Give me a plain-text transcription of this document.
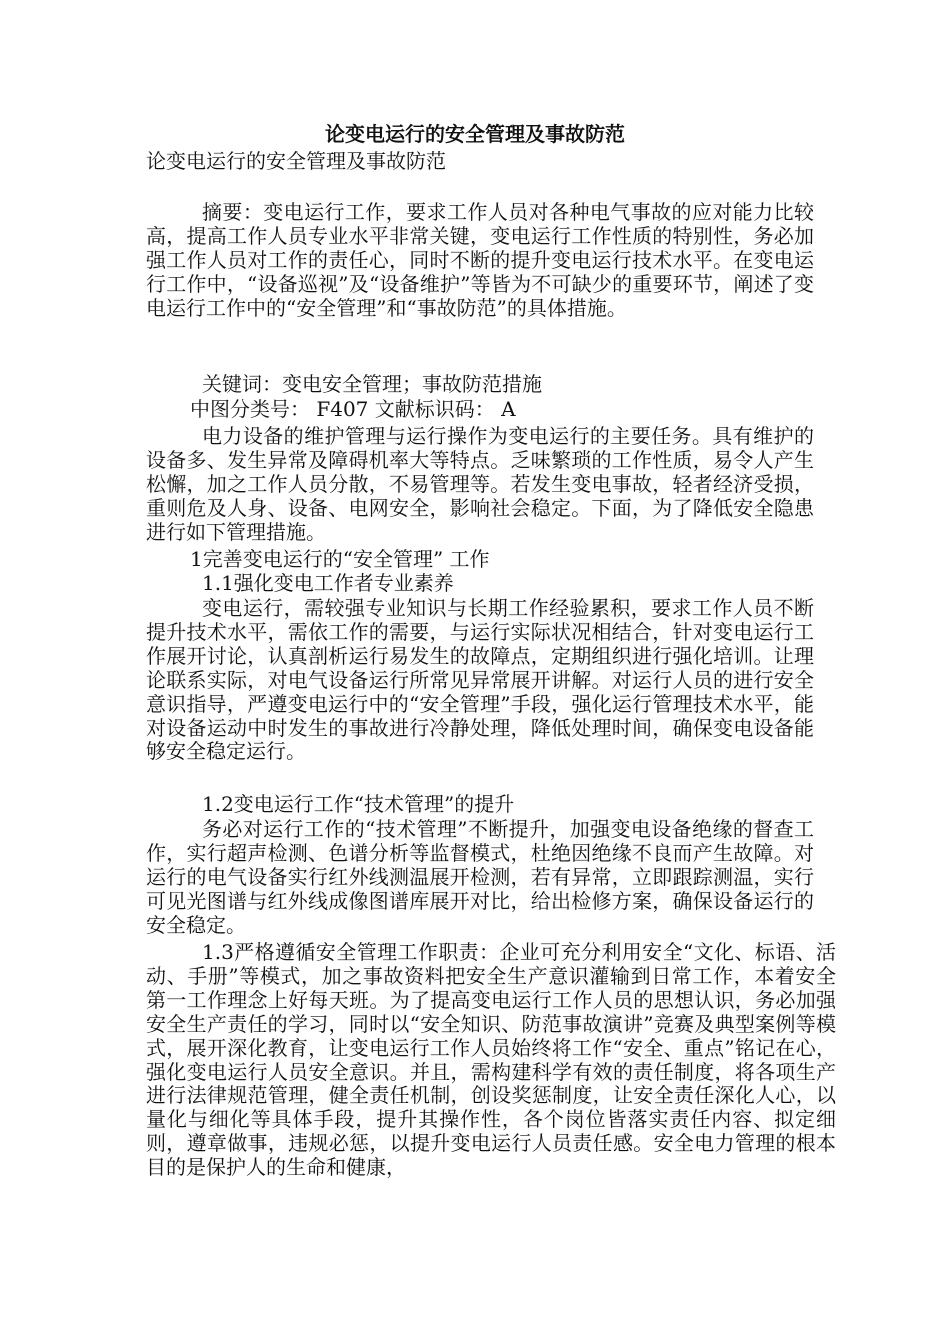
论变电运行的安全管理及事故防范

论变电运行的安全管理及事故防范

摘要：变电运行工作，要求工作人员对各种电气事故的应对能力比较高，提高工作人员专业水平非常关键，变电运行工作性质的特别性，务必加强工作人员对工作的责任心，同时不断的提升变电运行技术水平。在变电运行工作中，“设备巡视”及“设备维护”等皆为不可缺少的重要环节，阐述了变电运行工作中的“安全管理”和“事故防范”的具体措施。

关键词：变电安全管理；事故防范措施

中图分类号： F407 文献标识码： A

电力设备的维护管理与运行操作为变电运行的主要任务。具有维护的设备多、发生异常及障碍机率大等特点。乏味繁琐的工作性质，易令人产生松懈，加之工作人员分散，不易管理等。若发生变电事故，轻者经济受损，重则危及人身、设备、电网安全，影响社会稳定。下面，为了降低安全隐患进行如下管理措施。

1完善变电运行的“安全管理” 工作

1.1强化变电工作者专业素养

变电运行，需较强专业知识与长期工作经验累积，要求工作人员不断提升技术水平，需依工作的需要，与运行实际状况相结合，针对变电运行工作展开讨论，认真剖析运行易发生的故障点，定期组织进行强化培训。让理论联系实际，对电气设备运行所常见异常展开讲解。对运行人员的进行安全意识指导，严遵变电运行中的“安全管理”手段，强化运行管理技术水平，能对设备运动中时发生的事故进行冷静处理，降低处理时间，确保变电设备能够安全稳定运行。

1.2变电运行工作“技术管理”的提升

务必对运行工作的“技术管理”不断提升，加强变电设备绝缘的督查工作，实行超声检测、色谱分析等监督模式，杜绝因绝缘不良而产生故障。对运行的电气设备实行红外线测温展开检测，若有异常，立即跟踪测温，实行可见光图谱与红外线成像图谱库展开对比，给出检修方案，确保设备运行的安全稳定。

1.3严格遵循安全管理工作职责：企业可充分利用安全“文化、标语、活动、手册”等模式，加之事故资料把安全生产意识灌输到日常工作，本着安全第一工作理念上好每天班。为了提高变电运行工作人员的思想认识，务必加强安全生产责任的学习，同时以“安全知识、防范事故演讲”竞赛及典型案例等模式，展开深化教育，让变电运行工作人员始终将工作“安全、重点”铭记在心，强化变电运行人员安全意识。并且，需构建科学有效的责任制度，将各项生产进行法律规范管理，健全责任机制，创设奖惩制度，让安全责任深化人心，以量化与细化等具体手段，提升其操作性，各个岗位皆落实责任内容、拟定细则，遵章做事，违规必惩，以提升变电运行人员责任感。安全电力管理的根本目的是保护人的生命和健康，
